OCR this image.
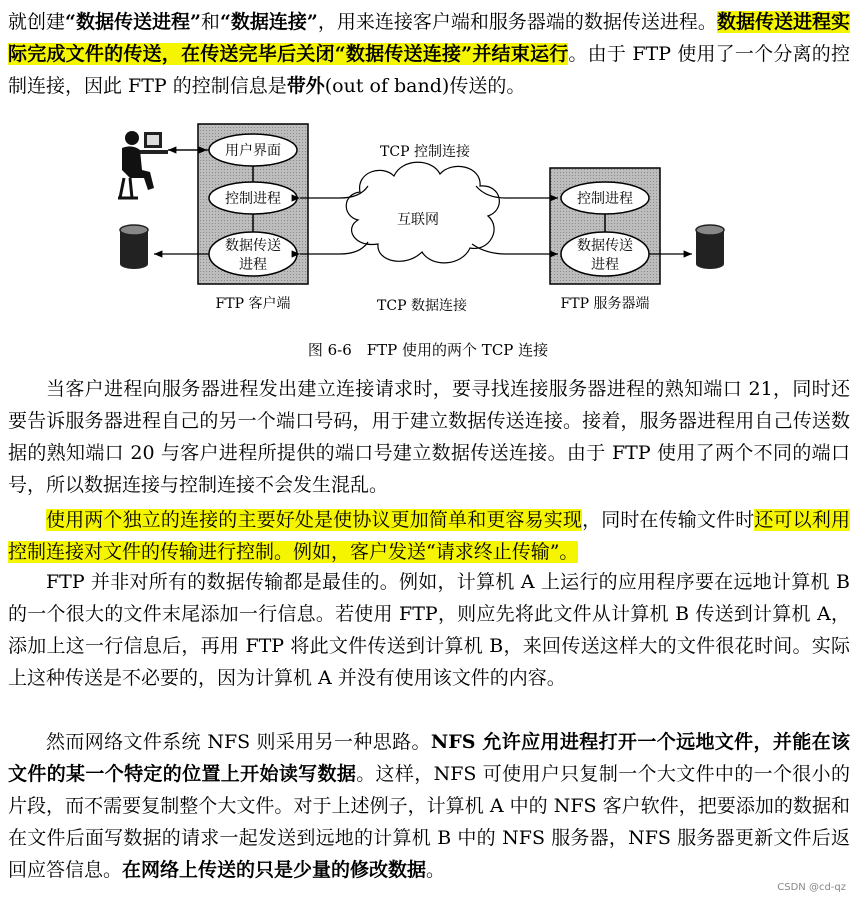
就创建“数据传送进程”和“数据连接”，用来连接客户端和服务器端的数据传送进程。数据传送进程实际完成文件的传送，在传送完毕后关闭“数据传送连接”并结束运行。由于 FTP 使用了一个分离的控制连接，因此 FTP 的控制信息是带外(out of band)传送的。

用户界面
控制进程
数据传送
进程
FTP 客户端
控制进程
数据传送
进程
FTP 服务器端
互联网
TCP 控制连接
TCP 数据连接
图 6-6　FTP 使用的两个 TCP 连接

当客户进程向服务器进程发出建立连接请求时，要寻找连接服务器进程的熟知端口 21，同时还要告诉服务器进程自己的另一个端口号码，用于建立数据传送连接。接着，服务器进程用自己传送数据的熟知端口 20 与客户进程所提供的端口号建立数据传送连接。由于 FTP 使用了两个不同的端口号，所以数据连接与控制连接不会发生混乱。

使用两个独立的连接的主要好处是使协议更加简单和更容易实现，同时在传输文件时还可以利用控制连接对文件的传输进行控制。例如，客户发送“请求终止传输”。

FTP 并非对所有的数据传输都是最佳的。例如，计算机 A 上运行的应用程序要在远地计算机 B 的一个很大的文件末尾添加一行信息。若使用 FTP，则应先将此文件从计算机 B 传送到计算机 A，添加上这一行信息后，再用 FTP 将此文件传送到计算机 B，来回传送这样大的文件很花时间。实际上这种传送是不必要的，因为计算机 A 并没有使用该文件的内容。

然而网络文件系统 NFS 则采用另一种思路。NFS 允许应用进程打开一个远地文件，并能在该文件的某一个特定的位置上开始读写数据。这样，NFS 可使用户只复制一个大文件中的一个很小的片段，而不需要复制整个大文件。对于上述例子，计算机 A 中的 NFS 客户软件，把要添加的数据和在文件后面写数据的请求一起发送到远地的计算机 B 中的 NFS 服务器，NFS 服务器更新文件后返回应答信息。在网络上传送的只是少量的修改数据。

CSDN @cd-qz
